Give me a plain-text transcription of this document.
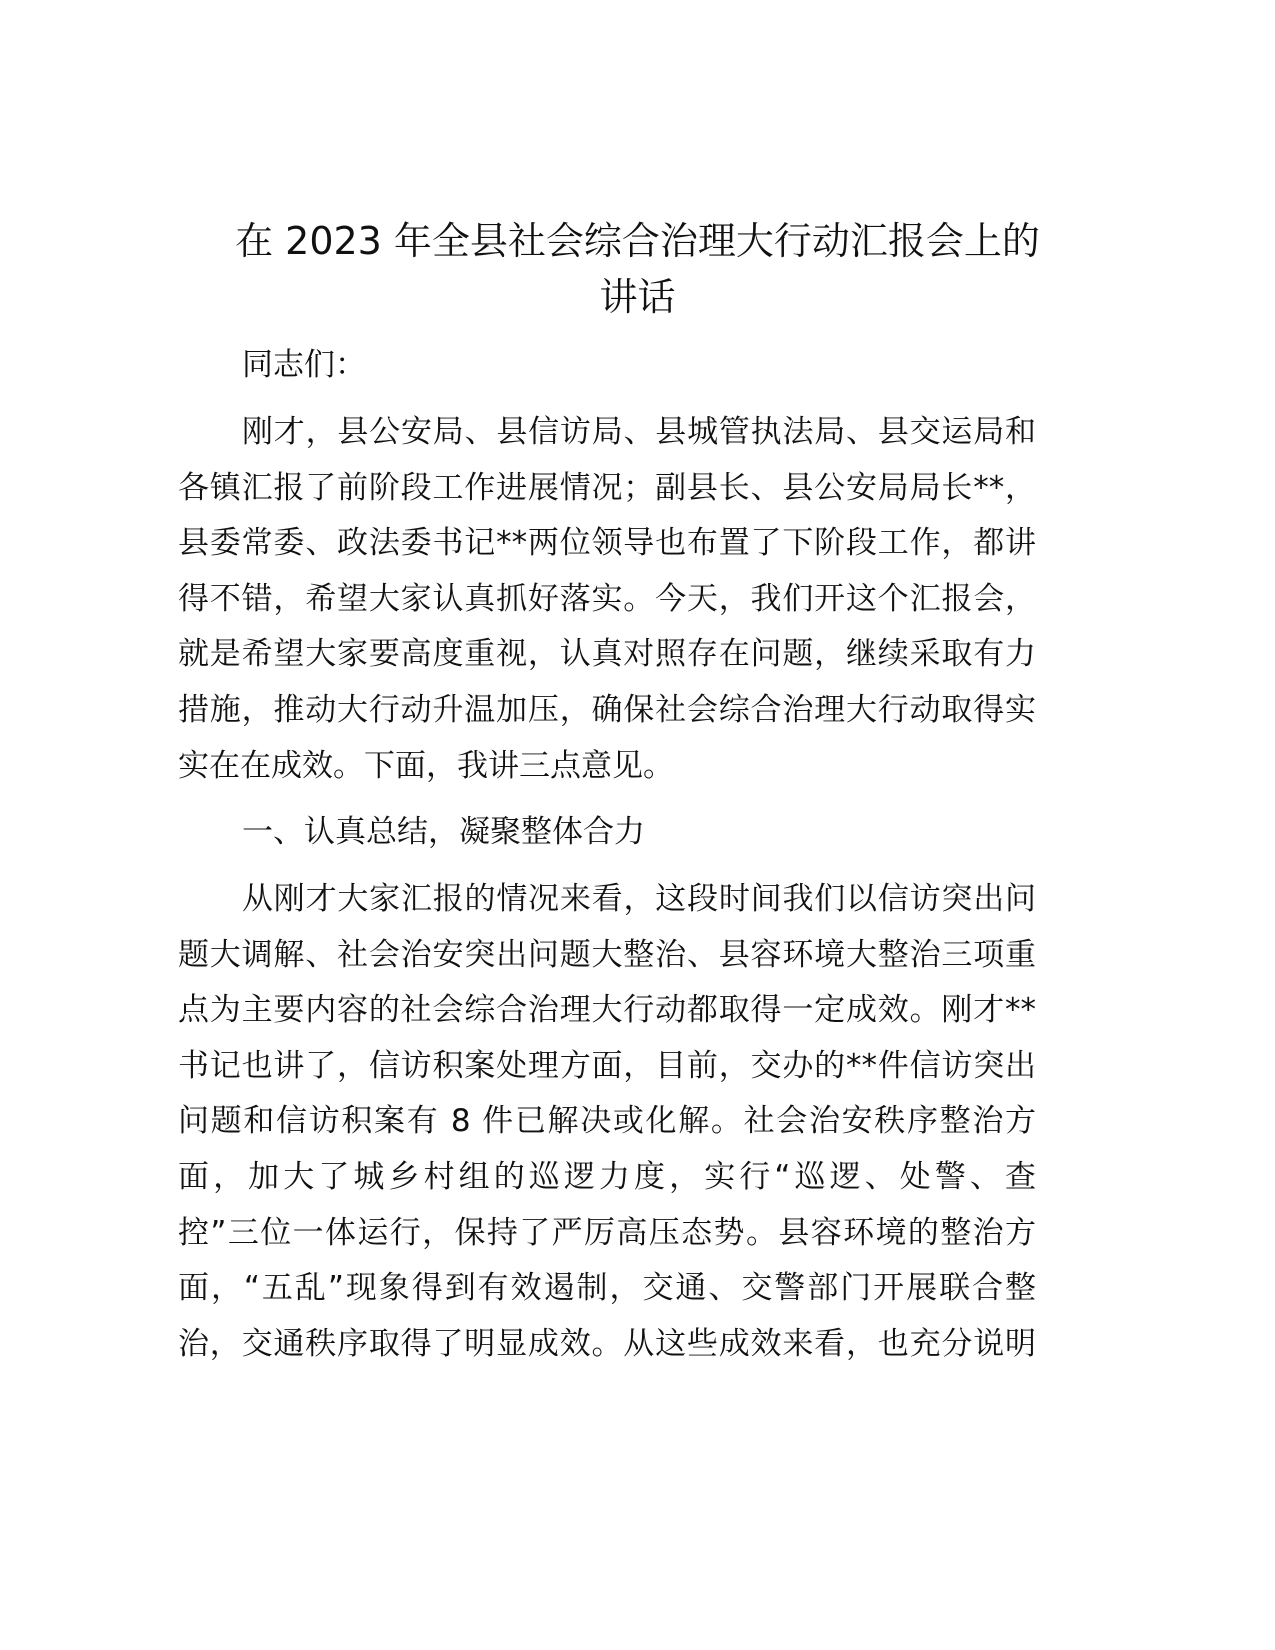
在 2023 年全县社会综合治理大行动汇报会上的
讲话
同志们：
刚才，县公安局、县信访局、县城管执法局、县交运局和
各镇汇报了前阶段工作进展情况；副县长、县公安局局长**，
县委常委、政法委书记**两位领导也布置了下阶段工作，都讲
得不错，希望大家认真抓好落实。今天，我们开这个汇报会，
就是希望大家要高度重视，认真对照存在问题，继续采取有力
措施，推动大行动升温加压，确保社会综合治理大行动取得实
实在在成效。下面，我讲三点意见。
一、认真总结，凝聚整体合力
从刚才大家汇报的情况来看，这段时间我们以信访突出问
题大调解、社会治安突出问题大整治、县容环境大整治三项重
点为主要内容的社会综合治理大行动都取得一定成效。刚才**
书记也讲了，信访积案处理方面，目前，交办的**件信访突出
问题和信访积案有 8 件已解决或化解。社会治安秩序整治方
面，加大了城乡村组的巡逻力度，实行“巡逻、处警、查
控”三位一体运行，保持了严厉高压态势。县容环境的整治方
面，“五乱”现象得到有效遏制，交通、交警部门开展联合整
治，交通秩序取得了明显成效。从这些成效来看，也充分说明
